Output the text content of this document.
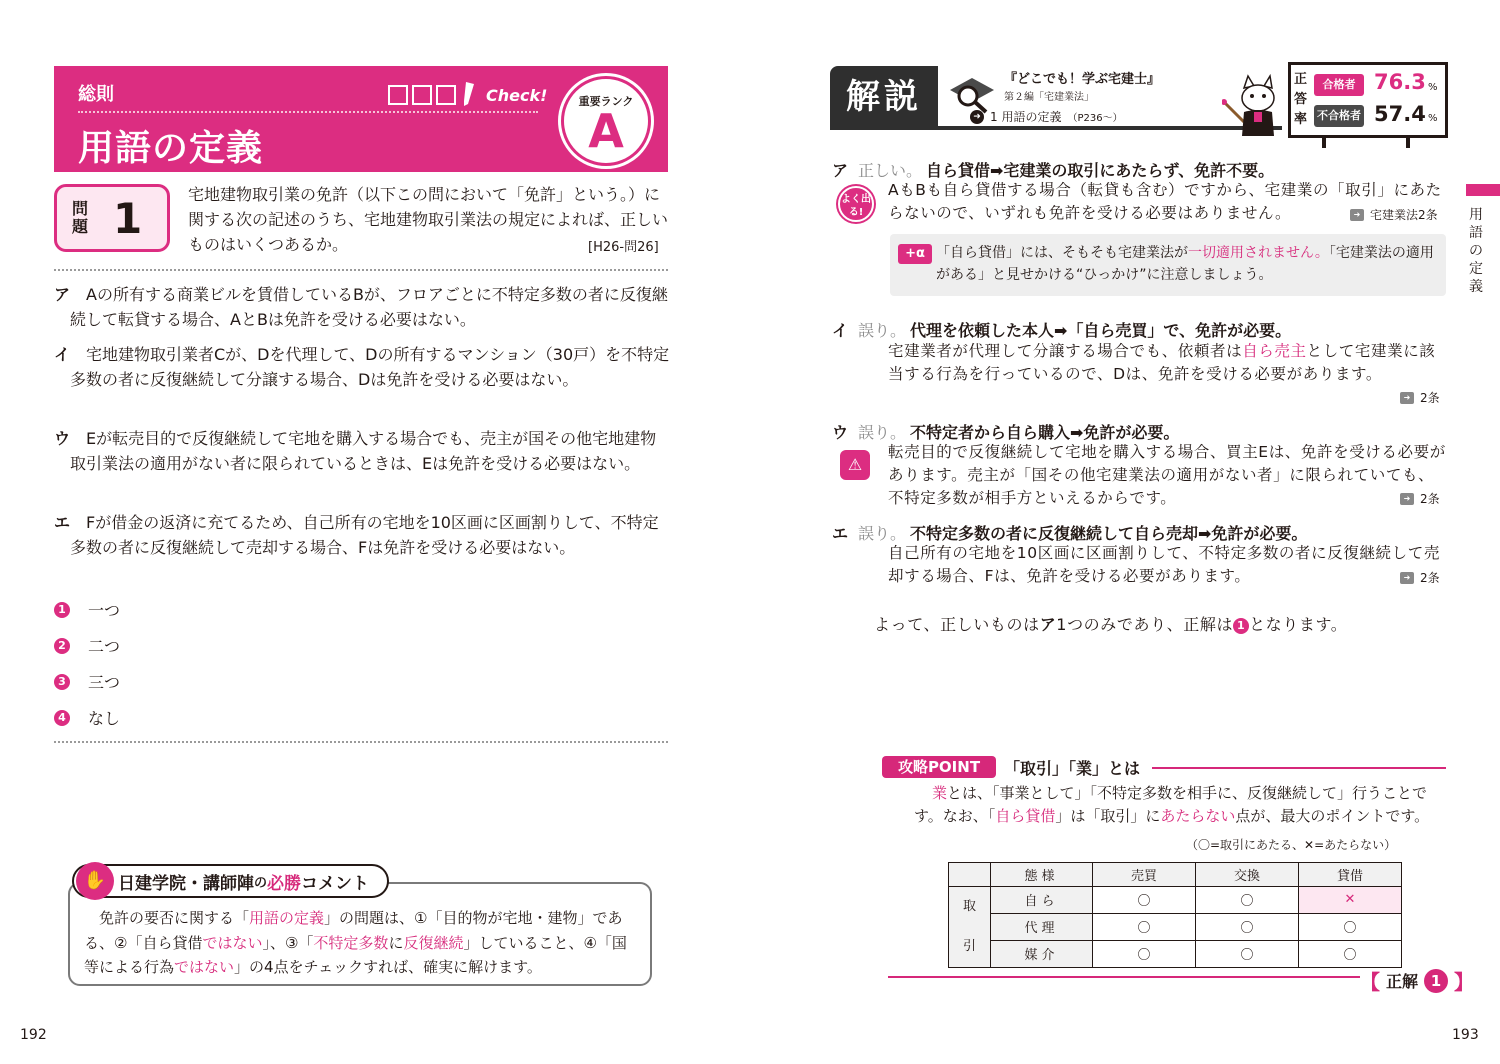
総則
用語の定義
Check!	重要ランク
A
問題 1	宅地建物取引業の免許（以下この問において「免許」という。）に関する次の記述のうち、宅地建物取引業法の規定によれば、正しいものはいくつあるか。	[H26-問26]
ア Aの所有する商業ビルを賃借しているBが、フロアごとに不特定多数の者に反復継続して転貸する場合、AとBは免許を受ける必要はない。
イ 宅地建物取引業者Cが、Dを代理して、Dの所有するマンション（30戸）を不特定多数の者に反復継続して分譲する場合、Dは免許を受ける必要はない。
ウ Eが転売目的で反復継続して宅地を購入する場合でも、売主が国その他宅地建物取引業法の適用がない者に限られているときは、Eは免許を受ける必要はない。
エ Fが借金の返済に充てるため、自己所有の宅地を10区画に区画割りして、不特定多数の者に反復継続して売却する場合、Fは免許を受ける必要はない。
1 一つ
2 二つ
3 三つ
4 なし
✋ 日建学院・講師陣 の 必勝 コメント
免許の要否に関する「用語の定義」の問題は、①「目的物が宅地・建物」である、②「自ら貸借ではない」、③「不特定多数に反復継続」していること、④「国等による行為ではない」の4点をチェックすれば、確実に解けます。
192
解説	『どこでも！学ぶ宅建士』
第２編「宅建業法」
➜ 1 用語の定義 （P236～）
正答率
合格者 76.3 %
不合格者 57.4 %
ア 正しい。 自ら貸借➡宅建業の取引にあたらず、免許不要。
よく出る!
AもBも自ら貸借する場合（転貸も含む）ですから、宅建業の「取引」にあたらないので、いずれも免許を受ける必要はありません。	➜ 宅建業法2条
+α 「自ら貸借」には、そもそも宅建業法が一切適用されません。「宅建業法の適用がある」と見せかける“ひっかけ”に注意しましょう。
イ 誤り。 代理を依頼した本人➡「自ら売買」で、免許が必要。
宅建業者が代理して分譲する場合でも、依頼者は自ら売主として宅建業に該当する行為を行っているので、Dは、免許を受ける必要があります。
➜ 2条
ウ 誤り。 不特定者から自ら購入➡免許が必要。
⚠
転売目的で反復継続して宅地を購入する場合、買主Eは、免許を受ける必要があります。売主が「国その他宅建業法の適用がない者」に限られていても、不特定多数が相手方といえるからです。	➜ 2条
エ 誤り。 不特定多数の者に反復継続して自ら売却➡免許が必要。
自己所有の宅地を10区画に区画割りして、不特定多数の者に反復継続して売却する場合、Fは、免許を受ける必要があります。	➜ 2条
よって、正しいものはア1つのみであり、正解は 1 となります。
攻略POINT	「取引」「業」とは
業とは、「事業として」「不特定多数を相手に、反復継続して」行うことです。なお、「自ら貸借」は「取引」にあたらない点が、最大のポイントです。
（〇=取引にあたる、✕=あたらない）
	態様	売買	交換	貸借
取
引	自ら	〇	〇	✕
	代理	〇	〇	〇
	媒介	〇	〇	〇
【 正解 1 】
用語の定義
193
